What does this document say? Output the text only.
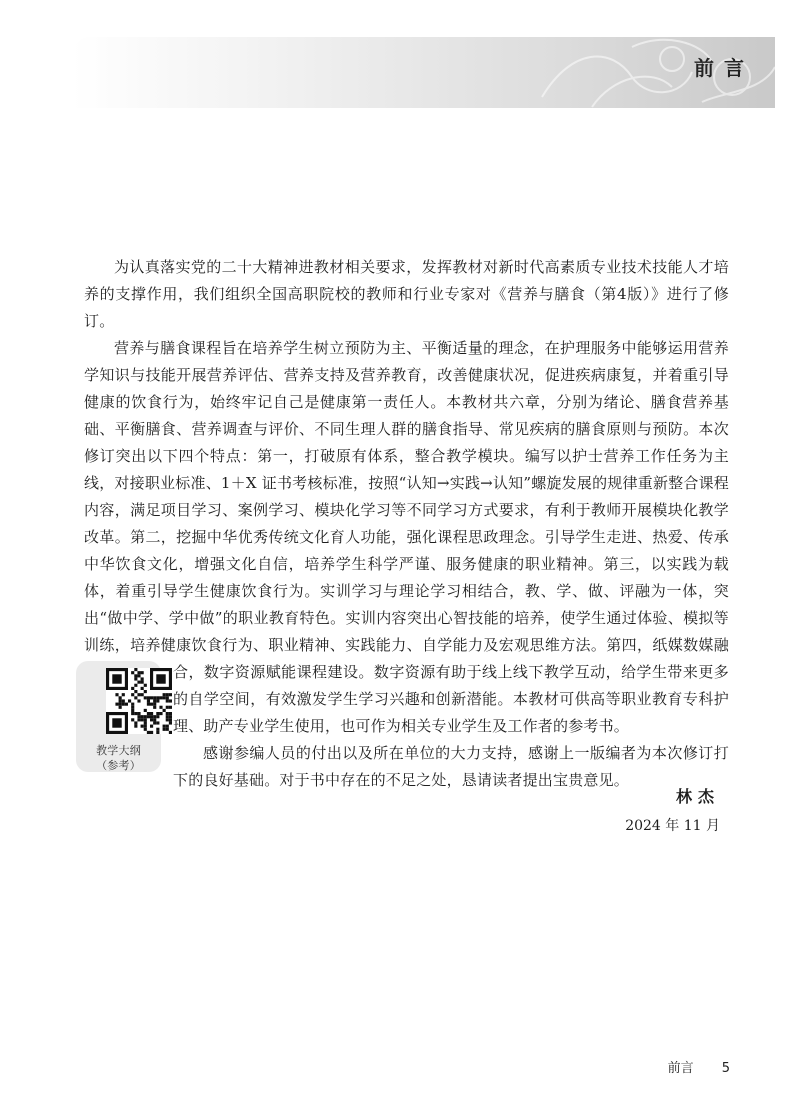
前言

为认真落实党的二十大精神进教材相关要求，发挥教材对新时代高素质专业技术技能人才培养的支撑作用，我们组织全国高职院校的教师和行业专家对《营养与膳食（第4版）》进行了修订。

营养与膳食课程旨在培养学生树立预防为主、平衡适量的理念，在护理服务中能够运用营养学知识与技能开展营养评估、营养支持及营养教育，改善健康状况，促进疾病康复，并着重引导健康的饮食行为，始终牢记自己是健康第一责任人。本教材共六章，分别为绪论、膳食营养基础、平衡膳食、营养调查与评价、不同生理人群的膳食指导、常见疾病的膳食原则与预防。本次修订突出以下四个特点：第一，打破原有体系，整合教学模块。编写以护士营养工作任务为主线，对接职业标准、1＋X 证书考核标准，按照“认知→实践→认知”螺旋发展的规律重新整合课程内容，满足项目学习、案例学习、模块化学习等不同学习方式要求，有利于教师开展模块化教学改革。第二，挖掘中华优秀传统文化育人功能，强化课程思政理念。引导学生走进、热爱、传承中华饮食文化，增强文化自信，培养学生科学严谨、服务健康的职业精神。第三，以实践为载体，着重引导学生健康饮食行为。实训学习与理论学习相结合，教、学、做、评融为一体，突出“做中学、学中做”的职业教育特色。实训内容突出心智技能的培养，使学生通过体验、模拟等训练，培养健康饮食行为、职业精神、实践能力、自学能力及宏观思维方法。第四，纸媒数媒融合，数字资源赋能课程建设。数字资
教学大纲
（参考）
源有助于线上线下教学互动，给学生带来更多的自学空间，有效激发学生学习兴趣和创新潜能。本教材可供高等职业教育专科护理、助产专业学生使用，也可作为相关专业学生及工作者的参考书。

感谢参编人员的付出以及所在单位的大力支持，感谢上一版编者为本次修订打下的良好基础。对于书中存在的不足之处，恳请读者提出宝贵意见。

林杰
2024 年 11 月
前言 5
